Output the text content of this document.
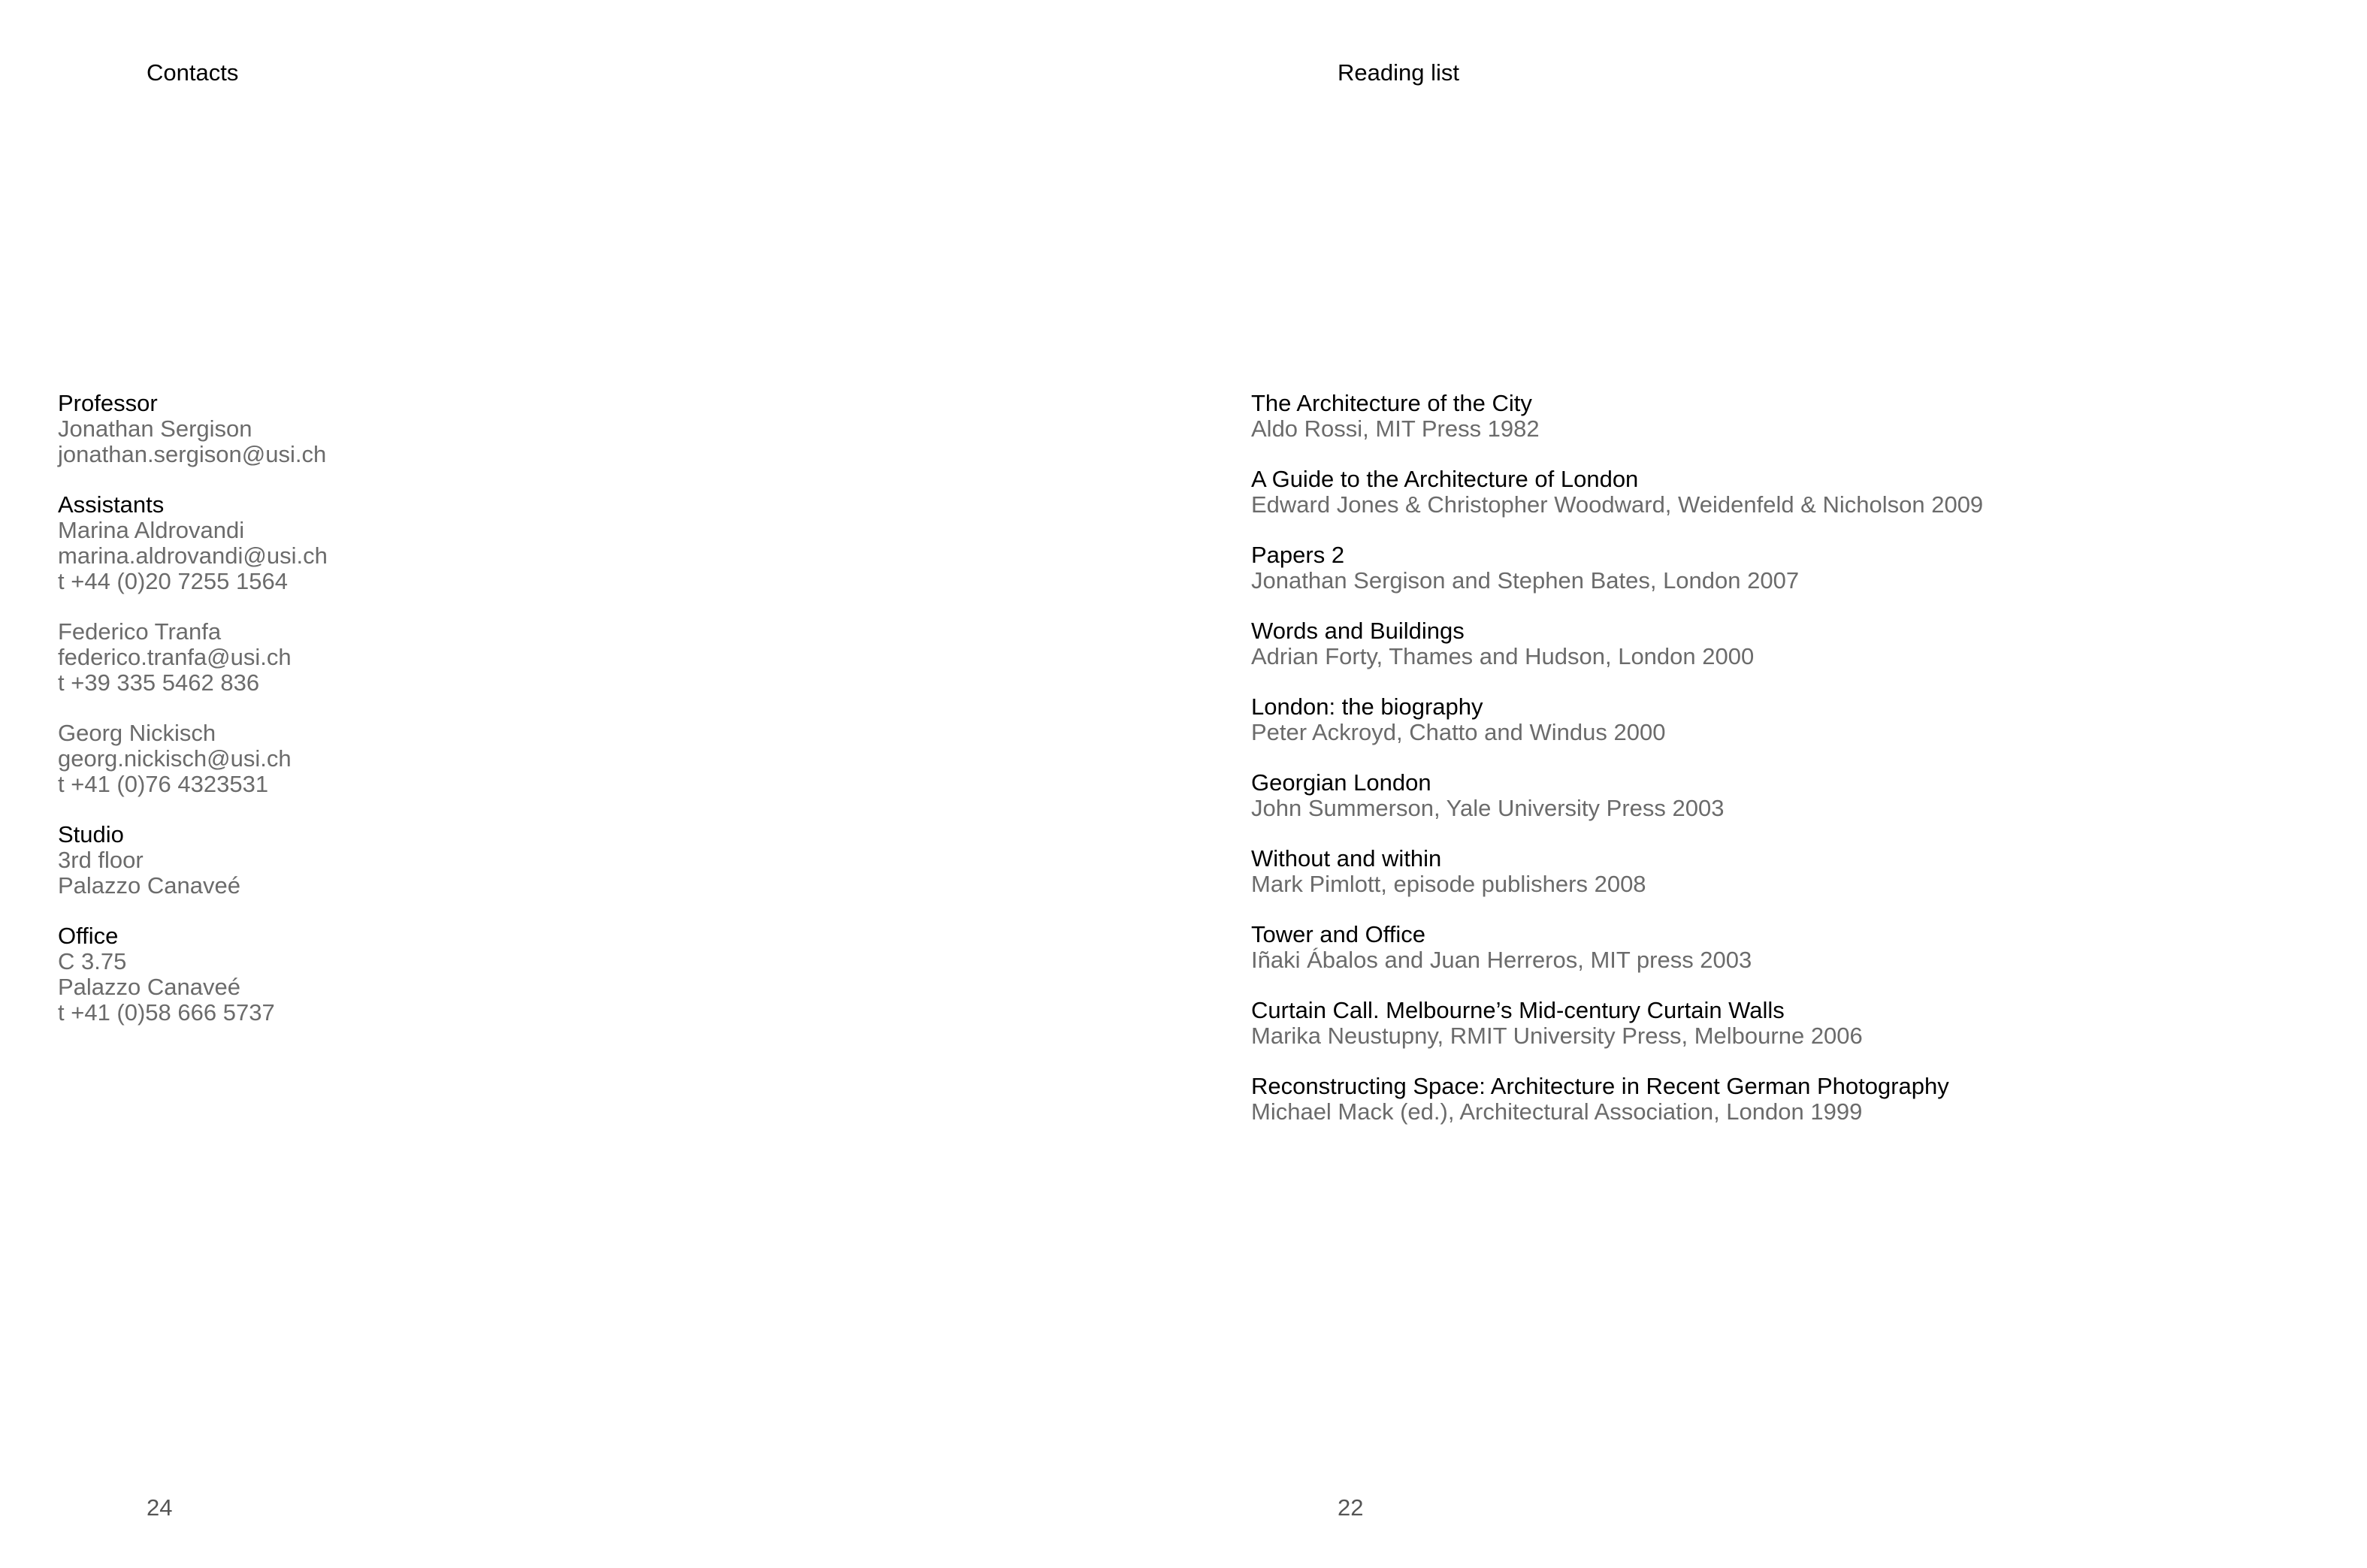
Contacts
Professor
Jonathan Sergison
jonathan.sergison@usi.ch
Assistants
Marina Aldrovandi
marina.aldrovandi@usi.ch
t +44 (0)20 7255 1564
Federico Tranfa
federico.tranfa@usi.ch
t +39 335 5462 836
Georg Nickisch
georg.nickisch@usi.ch
t +41 (0)76 4323531
Studio
3rd floor
Palazzo Canaveé
Office
C 3.75
Palazzo Canaveé
t +41 (0)58 666 5737
24
Reading list
The Architecture of the City
Aldo Rossi, MIT Press 1982
A Guide to the Architecture of London
Edward Jones & Christopher Woodward, Weidenfeld & Nicholson 2009
Papers 2
Jonathan Sergison and Stephen Bates, London 2007
Words and Buildings
Adrian Forty, Thames and Hudson, London 2000
London: the biography
Peter Ackroyd, Chatto and Windus 2000
Georgian London
John Summerson, Yale University Press 2003
Without and within
Mark Pimlott, episode publishers 2008
Tower and Office
Iñaki Ábalos and Juan Herreros, MIT press 2003
Curtain Call. Melbourne’s Mid-century Curtain Walls
Marika Neustupny, RMIT University Press, Melbourne 2006
Reconstructing Space: Architecture in Recent German Photography
Michael Mack (ed.), Architectural Association, London 1999
22
